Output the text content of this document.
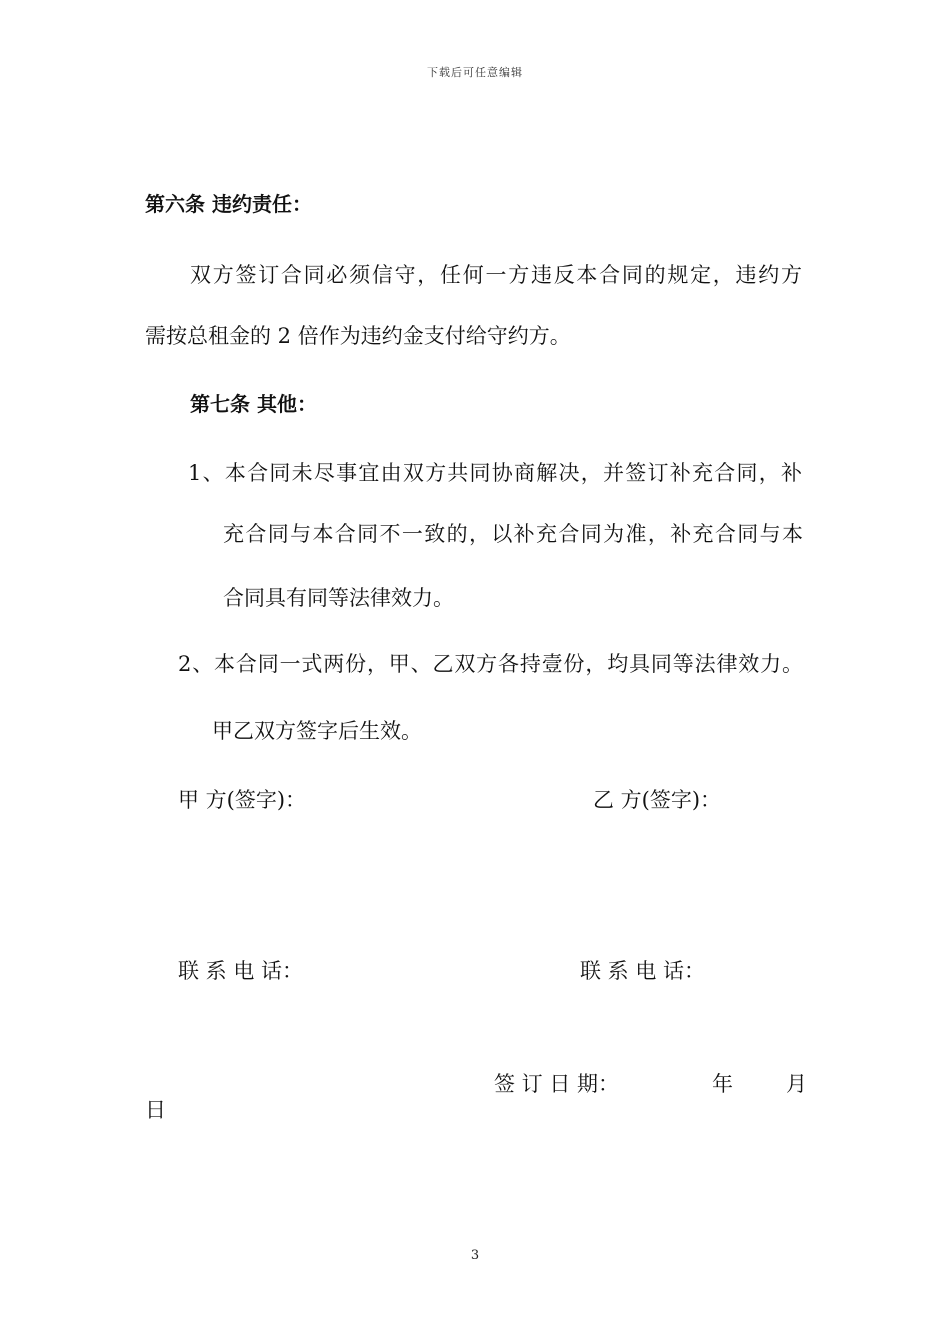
下载后可任意编辑
第六条 违约责任：
双方签订合同必须信守，任何一方违反本合同的规定，违约方
需按总租金的 2 倍作为违约金支付给守约方。
第七条 其他：
1、本合同未尽事宜由双方共同协商解决，并签订补充合同，补
充合同与本合同不一致的，以补充合同为准，补充合同与本
合同具有同等法律效力。
2、本合同一式两份，甲、乙双方各持壹份，均具同等法律效力。
甲乙双方签字后生效。
甲 方(签字)：	乙 方(签字)：
联 系 电 话：	联 系 电 话：
签 订 日 期：	年	月
日
3
